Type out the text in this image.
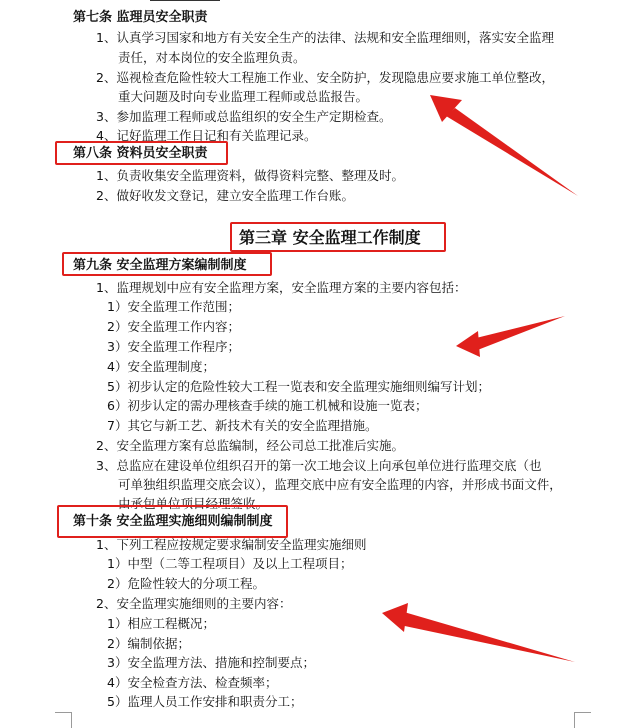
第七条 监理员安全职责
1、认真学习国家和地方有关安全生产的法律、法规和安全监理细则，落实安全监理
责任，对本岗位的安全监理负责。
2、巡视检查危险性较大工程施工作业、安全防护，发现隐患应要求施工单位整改，
重大问题及时向专业监理工程师或总监报告。
3、参加监理工程师或总监组织的安全生产定期检查。
4、记好监理工作日记和有关监理记录。
第八条 资料员安全职责
1、负责收集安全监理资料，做得资料完整、整理及时。
2、做好收发文登记，建立安全监理工作台账。
第三章 安全监理工作制度
第九条 安全监理方案编制制度
1、监理规划中应有安全监理方案，安全监理方案的主要内容包括：
1）安全监理工作范围；
2）安全监理工作内容；
3）安全监理工作程序；
4）安全监理制度；
5）初步认定的危险性较大工程一览表和安全监理实施细则编写计划；
6）初步认定的需办理核查手续的施工机械和设施一览表；
7）其它与新工艺、新技术有关的安全监理措施。
2、安全监理方案有总监编制，经公司总工批准后实施。
3、总监应在建设单位组织召开的第一次工地会议上向承包单位进行监理交底（也
可单独组织监理交底会议），监理交底中应有安全监理的内容，并形成书面文件，
由承包单位项目经理签收。
第十条 安全监理实施细则编制制度
1、下列工程应按规定要求编制安全监理实施细则
1）中型（二等工程项目）及以上工程项目；
2）危险性较大的分项工程。
2、安全监理实施细则的主要内容：
1）相应工程概况；
2）编制依据；
3）安全监理方法、措施和控制要点；
4）安全检查方法、检查频率；
5）监理人员工作安排和职责分工；
